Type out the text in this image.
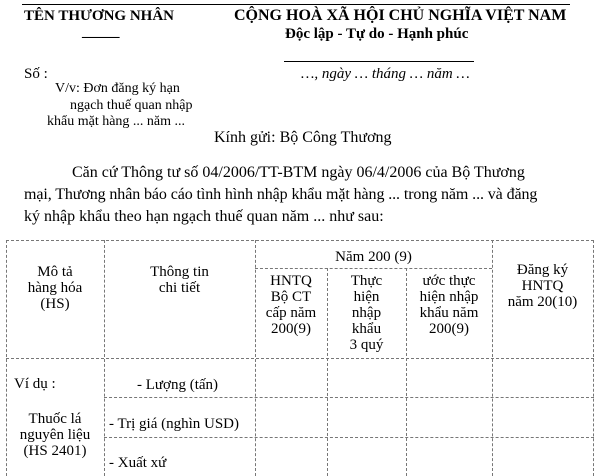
TÊN THƯƠNG NHÂN
_____
CỘNG HOÀ XÃ HỘI CHỦ NGHĨA VIỆT NAM
Độc lập - Tự do - Hạnh phúc
Số :	…, ngày … tháng … năm …
V/v: Đơn đăng ký hạn
ngạch thuế quan nhập
khẩu mặt hàng ... năm ...
Kính gửi: Bộ Công Thương
Căn cứ Thông tư số 04/2006/TT-BTM ngày 06/4/2006 của Bộ Thương
mại, Thương nhân báo cáo tình hình nhập khẩu mặt hàng ... trong năm ... và đăng
ký nhập khẩu theo hạn ngạch thuế quan năm ... như sau:
Mô tả
hàng hóa
(HS)
Thông tin
chi tiết
Năm 200 (9)
HNTQ
Bộ CT
cấp năm
200(9)
Thực
hiện
nhập
khẩu
3 quý
ước thực
hiện nhập
khẩu năm
200(9)
Đăng ký
HNTQ
năm 20(10)
Ví dụ :
Thuốc lá
nguyên liệu
(HS 2401)
- Lượng (tấn)
- Trị giá (nghìn USD)
- Xuất xứ
